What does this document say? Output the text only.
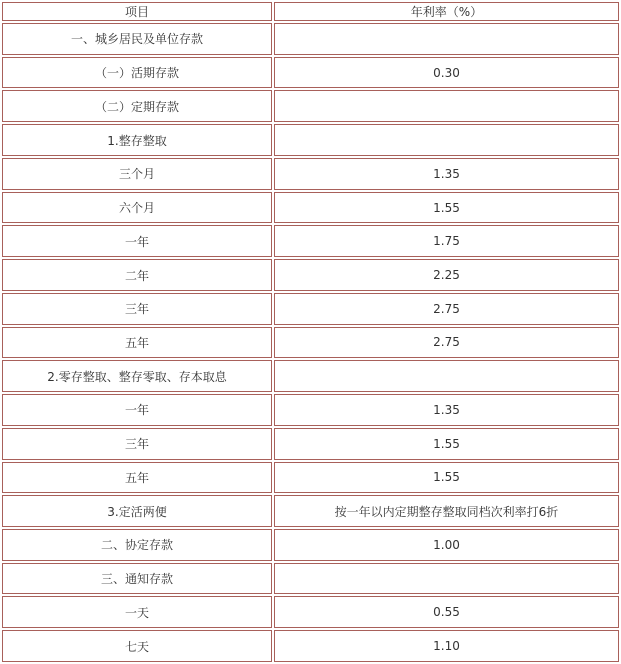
项目	年利率（%）
一、城乡居民及单位存款	
（一）活期存款	0.30
（二）定期存款	
1.整存整取	
三个月	1.35
六个月	1.55
一年	1.75
二年	2.25
三年	2.75
五年	2.75
2.零存整取、整存零取、存本取息	
一年	1.35
三年	1.55
五年	1.55
3.定活两便	按一年以内定期整存整取同档次利率打6折
二、协定存款	1.00
三、通知存款	
一天	0.55
七天	1.10
